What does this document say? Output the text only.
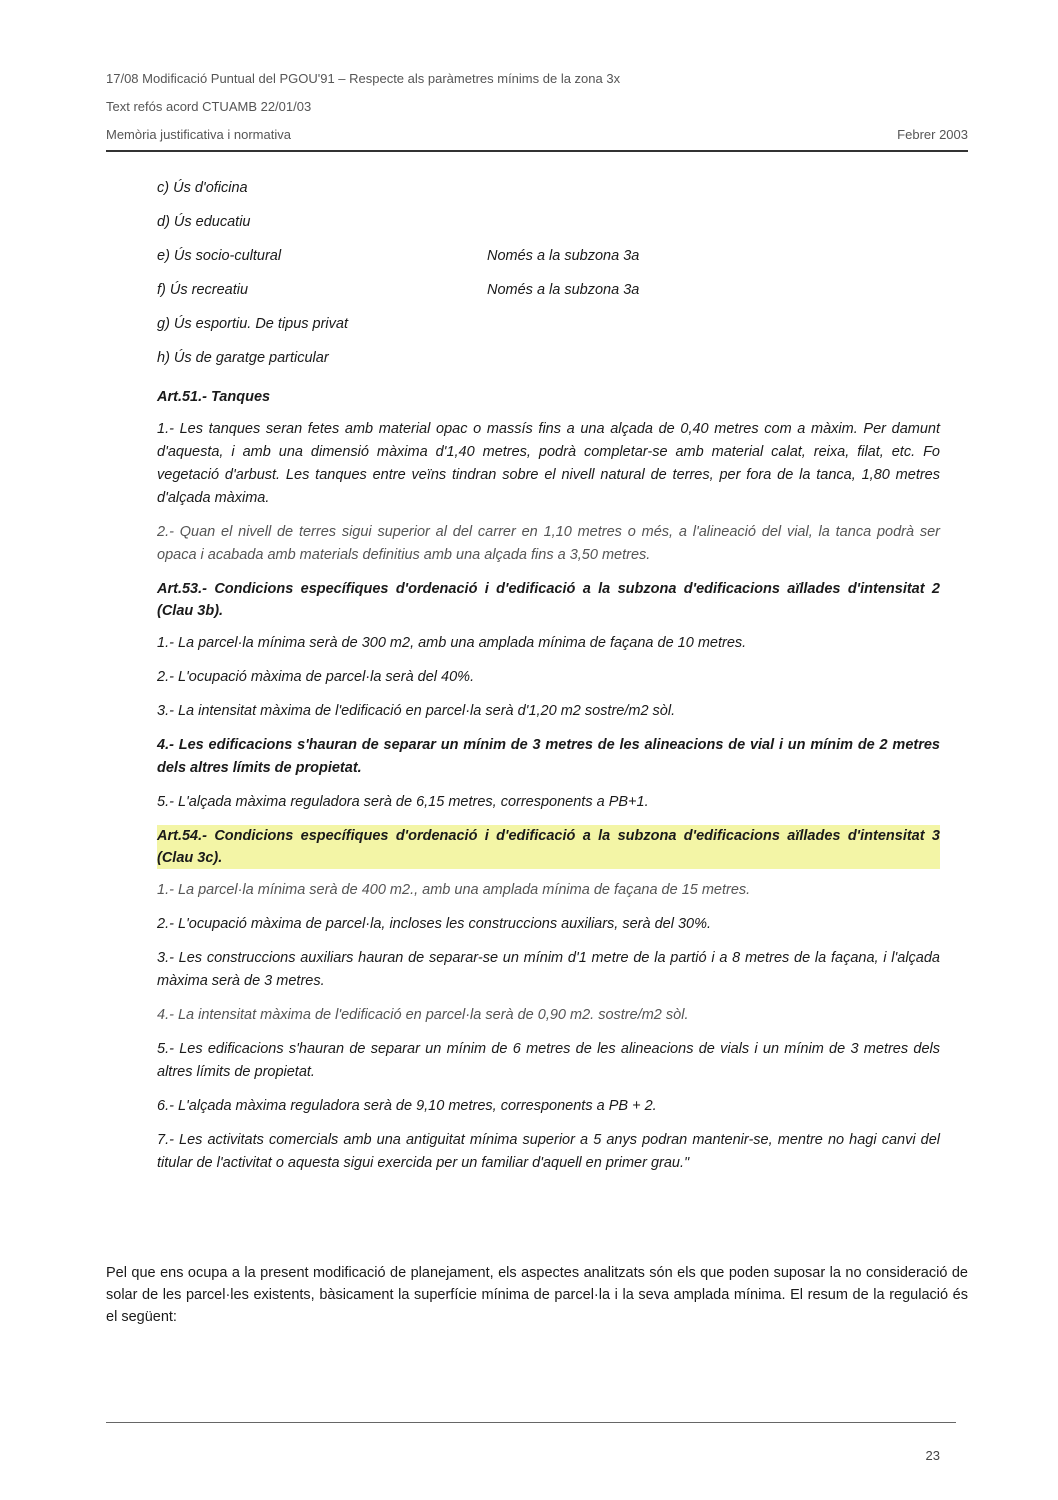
17/08 Modificació Puntual del PGOU'91 – Respecte als paràmetres mínims de la zona 3x
Text refós acord CTUAMB 22/01/03
Memòria justificativa i normativa	Febrer 2003
c) Ús d'oficina
d) Ús educatiu
e) Ús socio-cultural	Només a la subzona 3a
f) Ús recreatiu	Només a la subzona 3a
g) Ús esportiu. De tipus privat
h) Ús de garatge particular
Art.51.- Tanques

1.- Les tanques seran fetes amb material opac o massís fins a una alçada de 0,40 metres com a màxim. Per damunt d'aquesta, i amb una dimensió màxima d'1,40 metres, podrà completar-se amb material calat, reixa, filat, etc. Fo vegetació d'arbust. Les tanques entre veïns tindran sobre el nivell natural de terres, per fora de la tanca, 1,80 metres d'alçada màxima.

2.- Quan el nivell de terres sigui superior al del carrer en 1,10 metres o més, a l'alineació del vial, la tanca podrà ser opaca i acabada amb materials definitius amb una alçada fins a 3,50 metres.

Art.53.- Condicions específiques d'ordenació i d'edificació a la subzona d'edificacions aïllades d'intensitat 2 (Clau 3b).

1.- La parcel·la mínima serà de 300 m2, amb una amplada mínima de façana de 10 metres.

2.- L'ocupació màxima de parcel·la serà del 40%.

3.- La intensitat màxima de l'edificació en parcel·la serà d'1,20 m2 sostre/m2 sòl.

4.- Les edificacions s'hauran de separar un mínim de 3 metres de les alineacions de vial i un mínim de 2 metres dels altres límits de propietat.

5.- L'alçada màxima reguladora serà de 6,15 metres, corresponents a PB+1.

Art.54.- Condicions específiques d'ordenació i d'edificació a la subzona d'edificacions aïllades d'intensitat 3 (Clau 3c).

1.- La parcel·la mínima serà de 400 m2., amb una amplada mínima de façana de 15 metres.

2.- L'ocupació màxima de parcel·la, incloses les construccions auxiliars, serà del 30%.

3.- Les construccions auxiliars hauran de separar-se un mínim d'1 metre de la partió i a 8 metres de la façana, i l'alçada màxima serà de 3 metres.

4.- La intensitat màxima de l'edificació en parcel·la serà de 0,90 m2. sostre/m2 sòl.

5.- Les edificacions s'hauran de separar un mínim de 6 metres de les alineacions de vials i un mínim de 3 metres dels altres límits de propietat.

6.- L'alçada màxima reguladora serà de 9,10 metres, corresponents a PB + 2.

7.- Les activitats comercials amb una antiguitat mínima superior a 5 anys podran mantenir-se, mentre no hagi canvi del titular de l'activitat o aquesta sigui exercida per un familiar d'aquell en primer grau."

Pel que ens ocupa a la present modificació de planejament, els aspectes analitzats són els que poden suposar la no consideració de solar de les parcel·les existents, bàsicament la superfície mínima de parcel·la i la seva amplada mínima. El resum de la regulació és el següent:
23
